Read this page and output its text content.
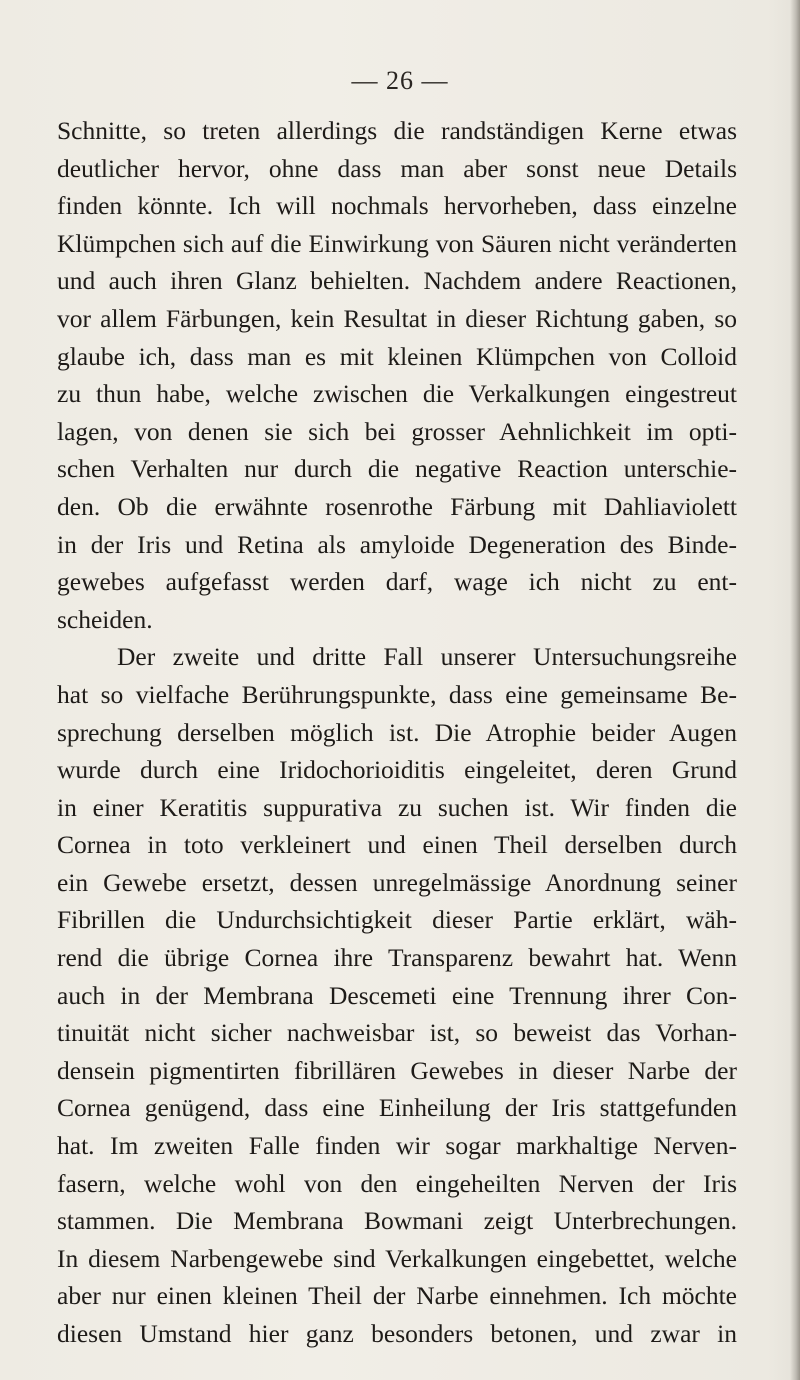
— 26 —
Schnitte, so treten allerdings die randständigen Kerne etwas
deutlicher hervor, ohne dass man aber sonst neue Details
finden könnte. Ich will nochmals hervorheben, dass einzelne
Klümpchen sich auf die Einwirkung von Säuren nicht veränderten
und auch ihren Glanz behielten. Nachdem andere Reactionen,
vor allem Färbungen, kein Resultat in dieser Richtung gaben, so
glaube ich, dass man es mit kleinen Klümpchen von Colloid
zu thun habe, welche zwischen die Verkalkungen eingestreut
lagen, von denen sie sich bei grosser Aehnlichkeit im opti-
schen Verhalten nur durch die negative Reaction unterschie-
den. Ob die erwähnte rosenrothe Färbung mit Dahliaviolett
in der Iris und Retina als amyloide Degeneration des Binde-
gewebes aufgefasst werden darf, wage ich nicht zu ent-
scheiden.
Der zweite und dritte Fall unserer Untersuchungsreihe
hat so vielfache Berührungspunkte, dass eine gemeinsame Be-
sprechung derselben möglich ist. Die Atrophie beider Augen
wurde durch eine Iridochorioiditis eingeleitet, deren Grund
in einer Keratitis suppurativa zu suchen ist. Wir finden die
Cornea in toto verkleinert und einen Theil derselben durch
ein Gewebe ersetzt, dessen unregelmässige Anordnung seiner
Fibrillen die Undurchsichtigkeit dieser Partie erklärt, wäh-
rend die übrige Cornea ihre Transparenz bewahrt hat. Wenn
auch in der Membrana Descemeti eine Trennung ihrer Con-
tinuität nicht sicher nachweisbar ist, so beweist das Vorhan-
densein pigmentirten fibrillären Gewebes in dieser Narbe der
Cornea genügend, dass eine Einheilung der Iris stattgefunden
hat. Im zweiten Falle finden wir sogar markhaltige Nerven-
fasern, welche wohl von den eingeheilten Nerven der Iris
stammen. Die Membrana Bowmani zeigt Unterbrechungen.
In diesem Narbengewebe sind Verkalkungen eingebettet, welche
aber nur einen kleinen Theil der Narbe einnehmen. Ich möchte
diesen Umstand hier ganz besonders betonen, und zwar in
